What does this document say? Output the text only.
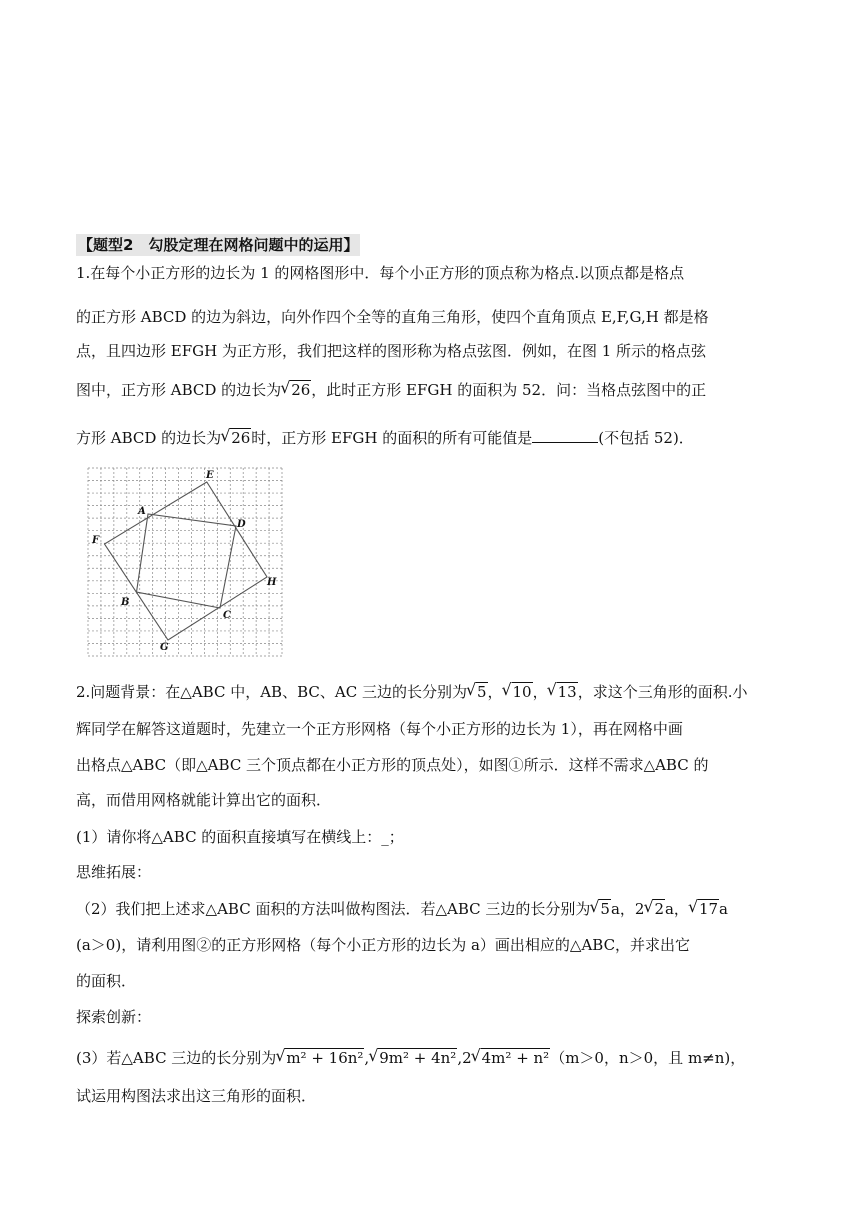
【题型2　勾股定理在网格问题中的运用】
1.在每个小正方形的边长为 1 的网格图形中．每个小正方形的顶点称为格点.以顶点都是格点
的正方形 ABCD 的边为斜边，向外作四个全等的直角三角形，使四个直角顶点 E,F,G,H 都是格
点，且四边形 EFGH 为正方形，我们把这样的图形称为格点弦图．例如，在图 1 所示的格点弦
图中，正方形 ABCD 的边长为 √ 26，此时正方形 EFGH 的面积为 52．问：当格点弦图中的正
方形 ABCD 的边长为 √ 26时，正方形 EFGH 的面积的所有可能值是	(不包括 52)．
E
A
D
F
H
B
C
G
2.问题背景：在△ABC 中，AB、BC、AC 三边的长分别为 √ 5， √ 10， √ 13，求这个三角形的面积.小
辉同学在解答这道题时，先建立一个正方形网格（每个小正方形的边长为 1），再在网格中画
出格点△ABC（即△ABC 三个顶点都在小正方形的顶点处），如图①所示．这样不需求△ABC 的
高，而借用网格就能计算出它的面积．
(1）请你将△ABC 的面积直接填写在横线上：_；
思维拓展：
（2）我们把上述求△ABC 面积的方法叫做构图法．若△ABC 三边的长分别为 √ 5a，2 √ 2a， √ 17a
(a＞0)，请利用图②的正方形网格（每个小正方形的边长为 a）画出相应的△ABC，并求出它
的面积．
探索创新：
(3）若△ABC 三边的长分别为 √ m² + 16n², √ 9m² + 4n²,2 √ 4m² + n²（m＞0，n＞0，且 m≠n)，
试运用构图法求出这三角形的面积．
